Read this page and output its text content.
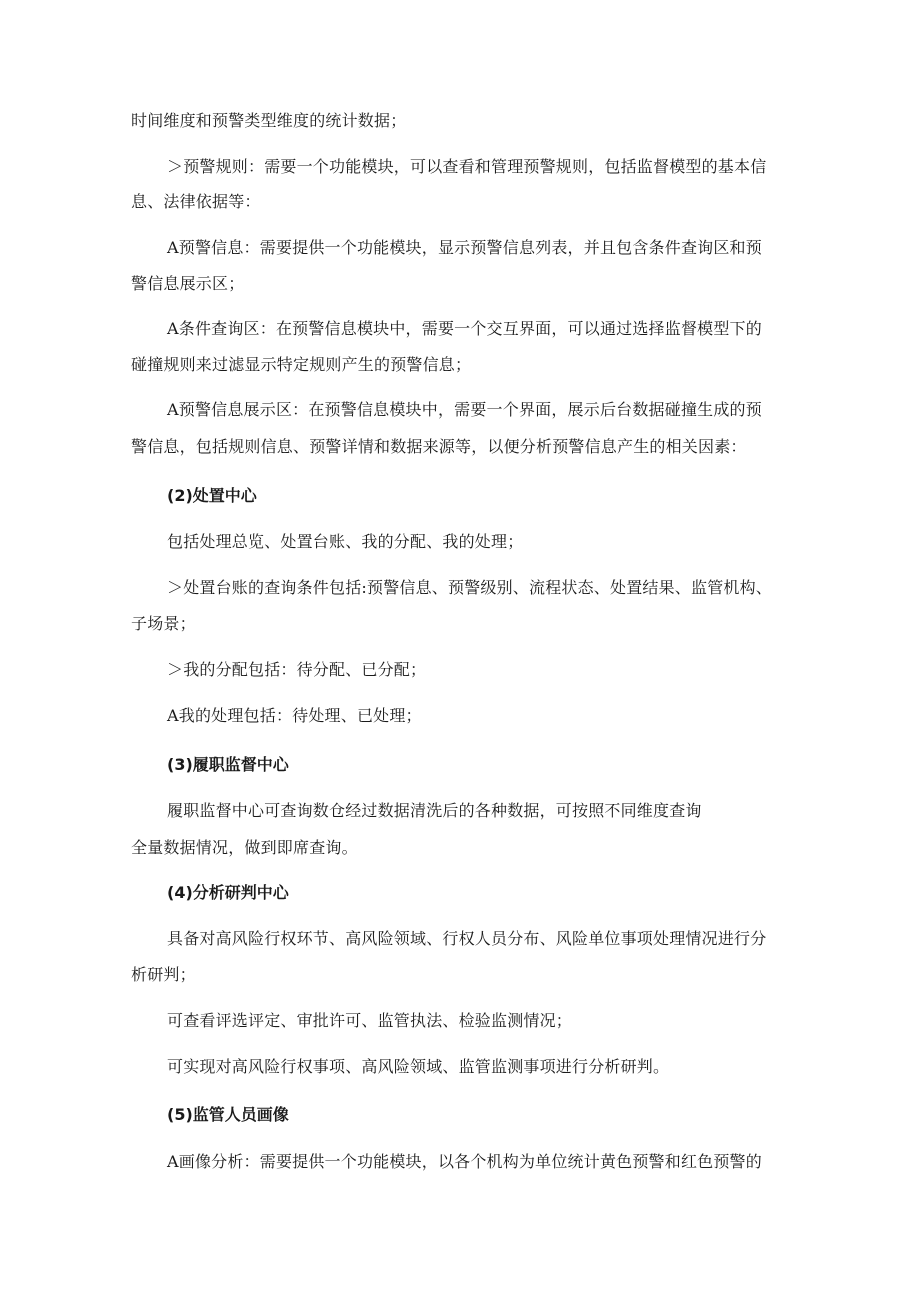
时间维度和预警类型维度的统计数据；
＞预警规则：需要一个功能模块，可以查看和管理预警规则，包括监督模型的基本信
息、法律依据等：
A预警信息：需要提供一个功能模块，显示预警信息列表，并且包含条件查询区和预
警信息展示区；
A条件查询区：在预警信息模块中，需要一个交互界面，可以通过选择监督模型下的
碰撞规则来过滤显示特定规则产生的预警信息；
A预警信息展示区：在预警信息模块中，需要一个界面，展示后台数据碰撞生成的预
警信息，包括规则信息、预警详情和数据来源等，以便分析预警信息产生的相关因素：
(2)处置中心
包括处理总览、处置台账、我的分配、我的处理；
＞处置台账的查询条件包括:预警信息、预警级别、流程状态、处置结果、监管机构、
子场景；
＞我的分配包括：待分配、已分配；
A我的处理包括：待处理、已处理；
(3)履职监督中心
履职监督中心可查询数仓经过数据清洗后的各种数据，可按照不同维度查询
全量数据情况，做到即席查询。
(4)分析研判中心
具备对高风险行权环节、高风险领域、行权人员分布、风险单位事项处理情况进行分
析研判；
可查看评选评定、审批许可、监管执法、检验监测情况；
可实现对高风险行权事项、高风险领域、监管监测事项进行分析研判。
(5)监管人员画像
A画像分析：需要提供一个功能模块，以各个机构为单位统计黄色预警和红色预警的
